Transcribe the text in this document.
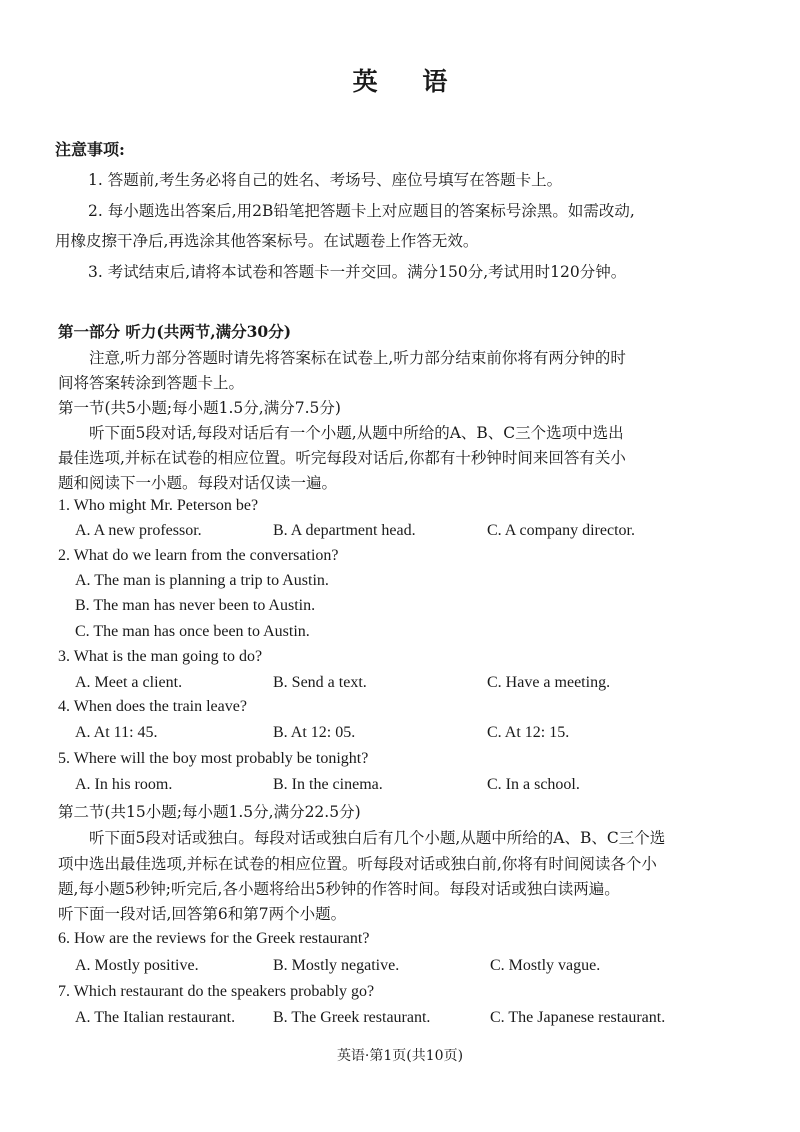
英 语
注意事项:
1. 答题前,考生务必将自己的姓名、考场号、座位号填写在答题卡上。
2. 每小题选出答案后,用2B铅笔把答题卡上对应题目的答案标号涂黑。如需改动,
用橡皮擦干净后,再选涂其他答案标号。在试题卷上作答无效。
3. 考试结束后,请将本试卷和答题卡一并交回。满分150分,考试用时120分钟。
第一部分 听力(共两节,满分30分)
注意,听力部分答题时请先将答案标在试卷上,听力部分结束前你将有两分钟的时
间将答案转涂到答题卡上。
第一节(共5小题;每小题1.5分,满分7.5分)
听下面5段对话,每段对话后有一个小题,从题中所给的A、B、C三个选项中选出
最佳选项,并标在试卷的相应位置。听完每段对话后,你都有十秒钟时间来回答有关小
题和阅读下一小题。每段对话仅读一遍。
1. Who might Mr. Peterson be?
A. A new professor.	B. A department head.	C. A company director.
2. What do we learn from the conversation?
A. The man is planning a trip to Austin.
B. The man has never been to Austin.
C. The man has once been to Austin.
3. What is the man going to do?
A. Meet a client.	B. Send a text.	C. Have a meeting.
4. When does the train leave?
A. At 11: 45.	B. At 12: 05.	C. At 12: 15.
5. Where will the boy most probably be tonight?
A. In his room.	B. In the cinema.	C. In a school.
第二节(共15小题;每小题1.5分,满分22.5分)
听下面5段对话或独白。每段对话或独白后有几个小题,从题中所给的A、B、C三个选
项中选出最佳选项,并标在试卷的相应位置。听每段对话或独白前,你将有时间阅读各个小
题,每小题5秒钟;听完后,各小题将给出5秒钟的作答时间。每段对话或独白读两遍。
听下面一段对话,回答第6和第7两个小题。
6. How are the reviews for the Greek restaurant?
A. Mostly positive.	B. Mostly negative.	C. Mostly vague.
7. Which restaurant do the speakers probably go?
A. The Italian restaurant. B. The Greek restaurant.	C. The Japanese restaurant.
英语·第1页(共10页)
